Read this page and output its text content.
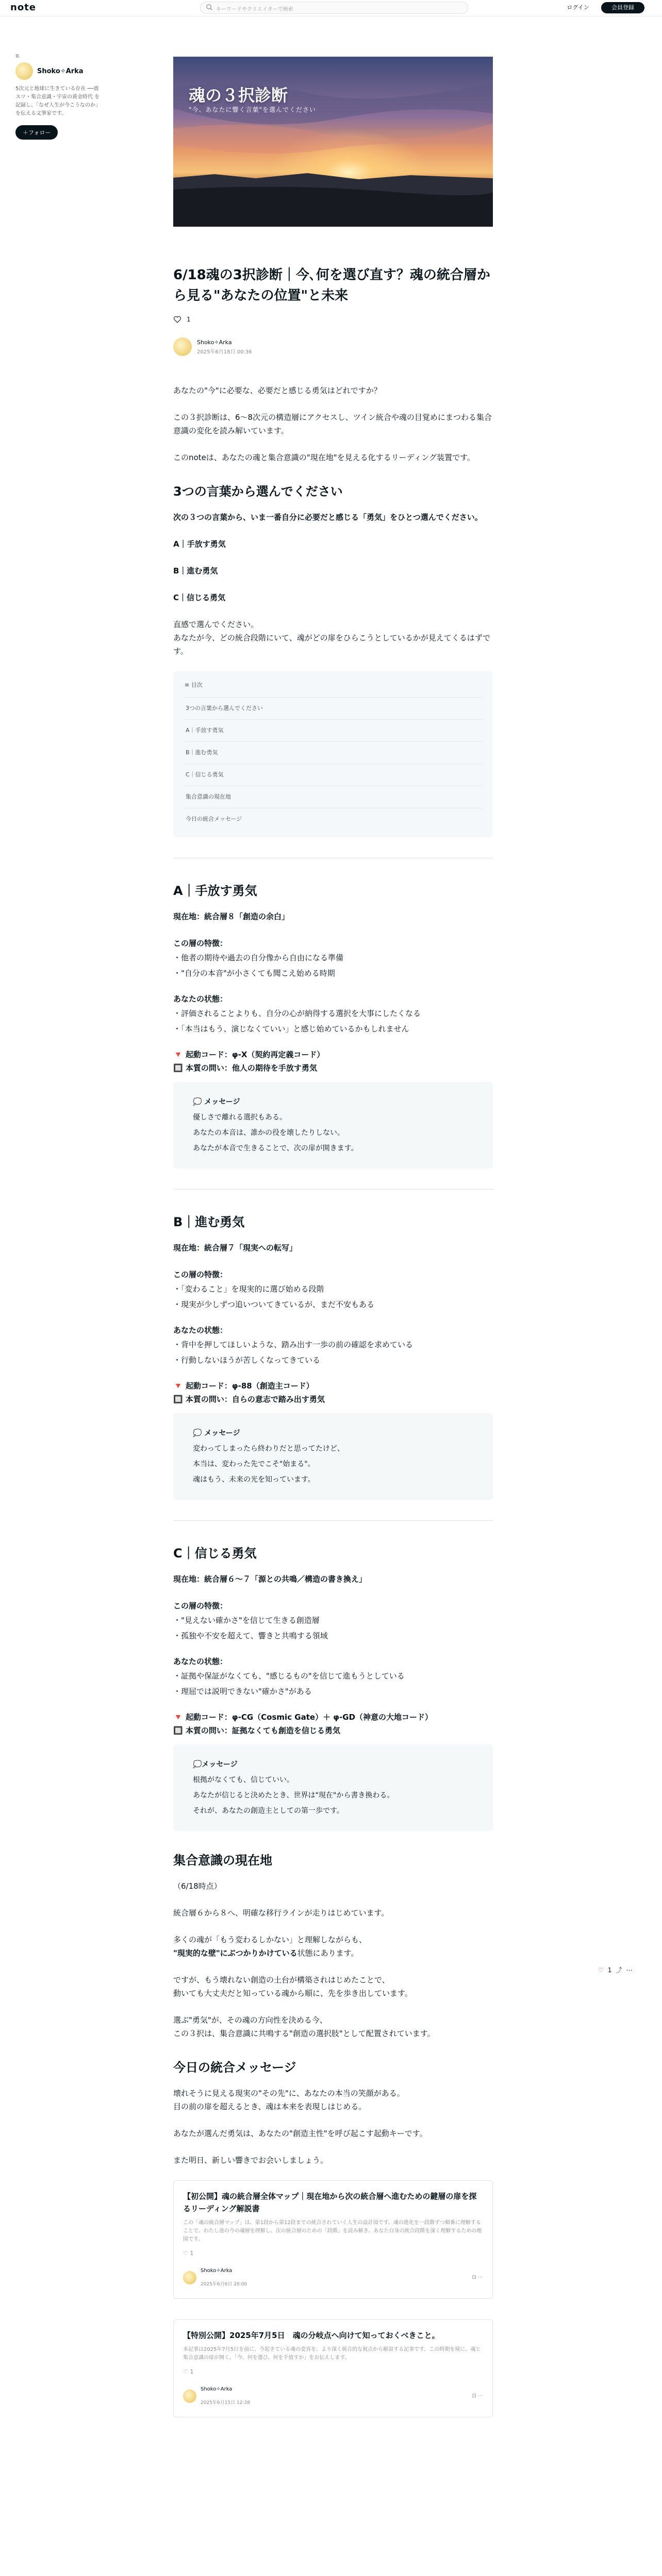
note	キーワードやクリエイターで検索	ログイン	会員登録
Ⅲ.
Shoko✧Arka
5次元と地球に生きている存在 ──震スツ・集合意識・宇宙の黄金時代 を記録し、「なぜ人生が今こうなのか」を伝える文筆家です。
＋フォロー
魂の３択診断
"今、あなたに響く言葉"を選んでください
6/18魂の3択診断｜今､何を選び直す？魂の統合層から見る"あなたの位置"と未来
1
Shoko✧Arka
2025年6月18日 00:36

あなたの"今"に必要な、必要だと感じる勇気はどれですか？

この３択診断は、6〜8次元の構造層にアクセスし、ツイン統合や魂の目覚めにまつわる集合意識の変化を読み解いています。

このnoteは、あなたの魂と集合意識の"現在地"を見える化するリーディング装置です。

3つの言葉から選んでください

次の３つの言葉から、いま一番自分に必要だと感じる「勇気」をひとつ選んでください。

A｜手放す勇気

B｜進む勇気

C｜信じる勇気

直感で選んでください。
あなたが今、どの統合段階にいて、魂がどの扉をひらこうとしているかが見えてくるはずです。

≡ 目次
3つの言葉から選んでください
A｜手放す勇気
B｜進む勇気
C｜信じる勇気
集合意識の現在地
今日の統合メッセージ
A｜手放す勇気

現在地：統合層８「創造の余白」

この層の特徴：
・他者の期待や過去の自分像から自由になる準備
・"自分の本音"が小さくても聞こえ始める時期
あなたの状態：
・評価されることよりも、自分の心が納得する選択を大事にしたくなる
・「本当はもう、演じなくていい」と感じ始めているかもしれません
🔻 起動コード：φ-X（契約再定義コード）
🔲 本質の問い：他人の期待を手放す勇気
💭 メッセージ
優しさで離れる選択もある。
あなたの本音は、誰かの役を壊したりしない。
あなたが本音で生きることで、次の扉が開きます。
B｜進む勇気

現在地：統合層７「現実への転写」

この層の特徴：
・「変わること」を現実的に選び始める段階
・現実が少しずつ追いついてきているが、まだ不安もある
あなたの状態：
・背中を押してほしいような、踏み出す一歩の前の確認を求めている
・行動しないほうが苦しくなってきている
🔻 起動コード：φ-88（創造主コード）
🔲 本質の問い：自らの意志で踏み出す勇気
💭 メッセージ
変わってしまったら終わりだと思ってたけど、
本当は、変わった先でこそ"始まる"。
魂はもう、未来の光を知っています。
C｜信じる勇気

現在地：統合層６〜７「源との共鳴／構造の書き換え」

この層の特徴：
・"見えない確かさ"を信じて生きる創造層
・孤独や不安を超えて、響きと共鳴する領域
あなたの状態：
・証拠や保証がなくても、"感じるもの"を信じて進もうとしている
・理屈では説明できない"確かさ"がある
🔻 起動コード：φ-CG（Cosmic Gate）＋ φ-GD（神意の大地コード）
🔲 本質の問い：証拠なくても創造を信じる勇気
💭メッセージ
根拠がなくても、信じていい。
あなたが信じると決めたとき、世界は"現在"から書き換わる。
それが、あなたの創造主としての第一歩です。
集合意識の現在地

（6/18時点）

統合層６から８へ、明確な移行ラインが走りはじめています。

多くの魂が「もう変わるしかない」と理解しながらも、
"現実的な壁"にぶつかりかけている状態にあります。

ですが、もう壊れない創造の土台が構築されはじめたことで、
動いても大丈夫だと知っている魂から順に、先を歩き出しています。

選ぶ"勇気"が、その魂の方向性を決める今、
この３択は、集合意識に共鳴する"創造の選択肢"として配置されています。

今日の統合メッセージ

壊れそうに見える現実の"その先"に、あなたの本当の笑顔がある。
目の前の扉を超えるとき、魂は本来を表現しはじめる。

あなたが選んだ勇気は、あなたの"創造主性"を呼び起こす起動キーです。

また明日、新しい響きでお会いしましょう。

【初公開】魂の統合層全体マップ｜現在地から次の統合層へ進むための鍵層の扉を探るリーディング解説書
この「魂の統合層マップ」は、第1段から第12段までの統合されていく人生の設計図です。魂の進化を一段階ずつ順番に理解することで、わたし達の今の魂層を理解し、次の統合層のための「段階」を読み解き、あなた自身の統合段階を深く理解するための地図です。
♡ 1
Shoko✧Arka
2025年6月6日 20:00
⊡ ⋯
【特別公開】2025年7月5日　魂の分岐点へ向けて知っておくべきこと。
本記事は2025年7月5日を前に、今起きている魂の変容を、より深く統合的な視点から解説する記事です。この時期を境に、魂と集合意識の扉が開く。「今、何を選び、何を手放すか」をお伝えします。
♡ 1
Shoko✧Arka
2025年6月15日 12:38
⊡ ⋯
♡ 1 ⤴ ⋯
